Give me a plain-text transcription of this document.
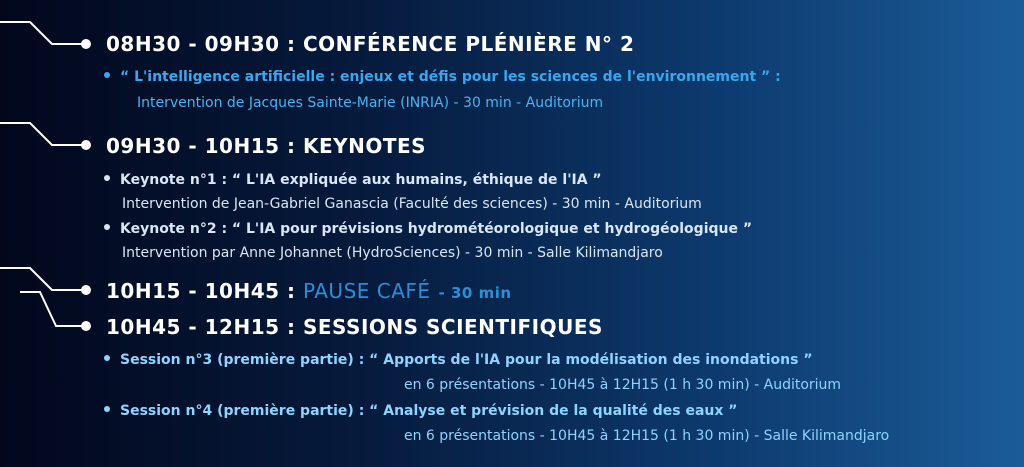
08H30 - 09H30 : CONFÉRENCE PLÉNIÈRE N° 2
“ L'intelligence artificielle : enjeux et défis pour les sciences de l'environnement ” :
Intervention de Jacques Sainte-Marie (INRIA) - 30 min - Auditorium
09H30 - 10H15 : KEYNOTES
Keynote n°1 : “ L'IA expliquée aux humains, éthique de l'IA ”
Intervention de Jean-Gabriel Ganascia (Faculté des sciences) - 30 min - Auditorium
Keynote n°2 : “ L'IA pour prévisions hydrométéorologique et hydrogéologique ”
Intervention par Anne Johannet (HydroSciences) - 30 min - Salle Kilimandjaro
10H15 - 10H45 : PAUSE CAFÉ - 30 min
10H45 - 12H15 : SESSIONS SCIENTIFIQUES
Session n°3 (première partie) : “ Apports de l'IA pour la modélisation des inondations ”
en 6 présentations - 10H45 à 12H15 (1 h 30 min) - Auditorium
Session n°4 (première partie) : “ Analyse et prévision de la qualité des eaux ”
en 6 présentations - 10H45 à 12H15 (1 h 30 min) - Salle Kilimandjaro
